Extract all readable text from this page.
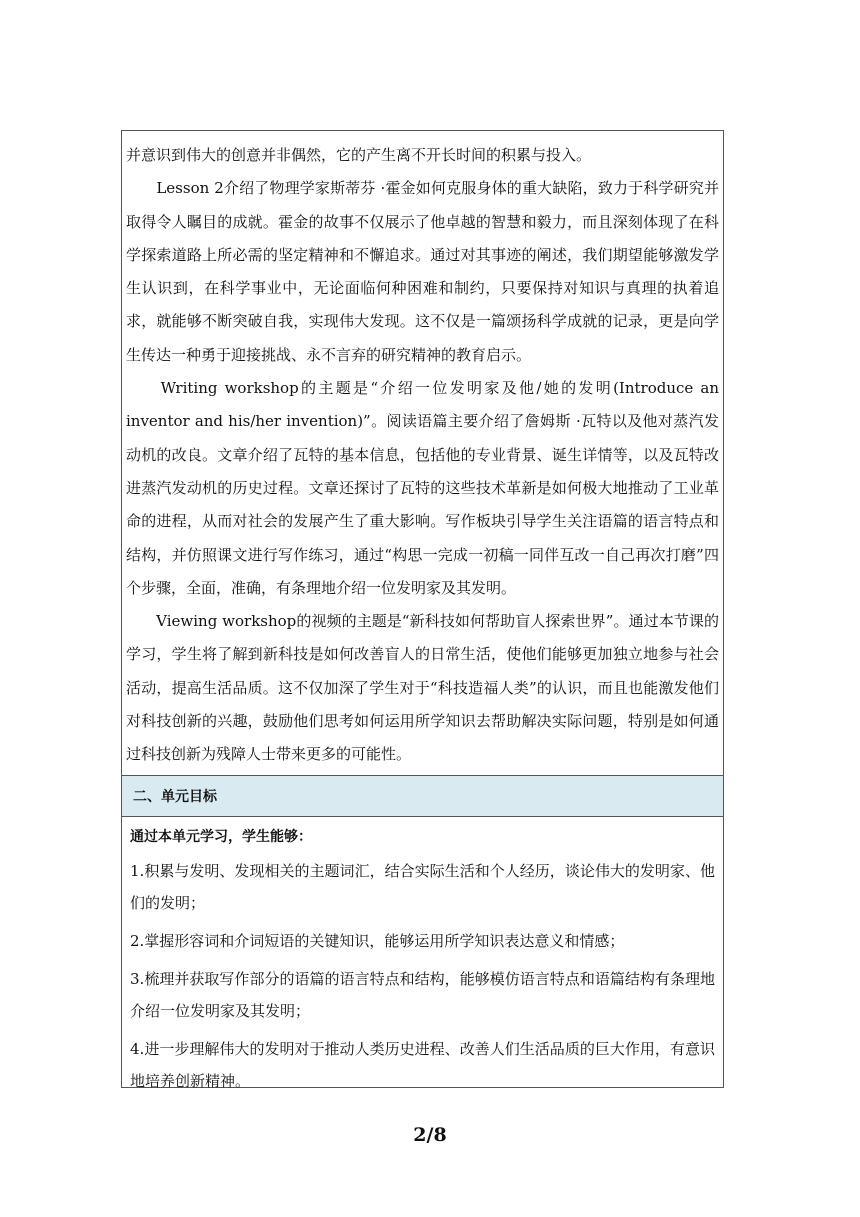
并意识到伟大的创意并非偶然，它的产生离不开长时间的积累与投入。

　　Lesson 2介绍了物理学家斯蒂芬 ·霍金如何克服身体的重大缺陷，致力于科学研究并取得令人瞩目的成就。霍金的故事不仅展示了他卓越的智慧和毅力，而且深刻体现了在科学探索道路上所必需的坚定精神和不懈追求。通过对其事迹的阐述，我们期望能够激发学生认识到，在科学事业中，无论面临何种困难和制约，只要保持对知识与真理的执着追求，就能够不断突破自我，实现伟大发现。这不仅是一篇颂扬科学成就的记录，更是向学生传达一种勇于迎接挑战、永不言弃的研究精神的教育启示。

　　Writing workshop的主题是“介绍一位发明家及他/她的发明(Introduce an inventor and his/her invention)”。阅读语篇主要介绍了詹姆斯 ·瓦特以及他对蒸汽发动机的改良。文章介绍了瓦特的基本信息，包括他的专业背景、诞生详情等，以及瓦特改进蒸汽发动机的历史过程。文章还探讨了瓦特的这些技术革新是如何极大地推动了工业革命的进程，从而对社会的发展产生了重大影响。写作板块引导学生关注语篇的语言特点和结构，并仿照课文进行写作练习，通过“构思一完成一初稿一同伴互改一自己再次打磨”四个步骤，全面，准确，有条理地介绍一位发明家及其发明。

　　Viewing workshop的视频的主题是“新科技如何帮助盲人探索世界”。通过本节课的学习，学生将了解到新科技是如何改善盲人的日常生活，使他们能够更加独立地参与社会活动，提高生活品质。这不仅加深了学生对于“科技造福人类”的认识，而且也能激发他们对科技创新的兴趣，鼓励他们思考如何运用所学知识去帮助解决实际问题，特别是如何通过科技创新为残障人士带来更多的可能性。

二、单元目标

通过本单元学习，学生能够：

1.积累与发明、发现相关的主题词汇，结合实际生活和个人经历，谈论伟大的发明家、他们的发明；

2.掌握形容词和介词短语的关键知识，能够运用所学知识表达意义和情感；

3.梳理并获取写作部分的语篇的语言特点和结构，能够模仿语言特点和语篇结构有条理地介绍一位发明家及其发明；

4.进一步理解伟大的发明对于推动人类历史进程、改善人们生活品质的巨大作用，有意识地培养创新精神。

2/8
